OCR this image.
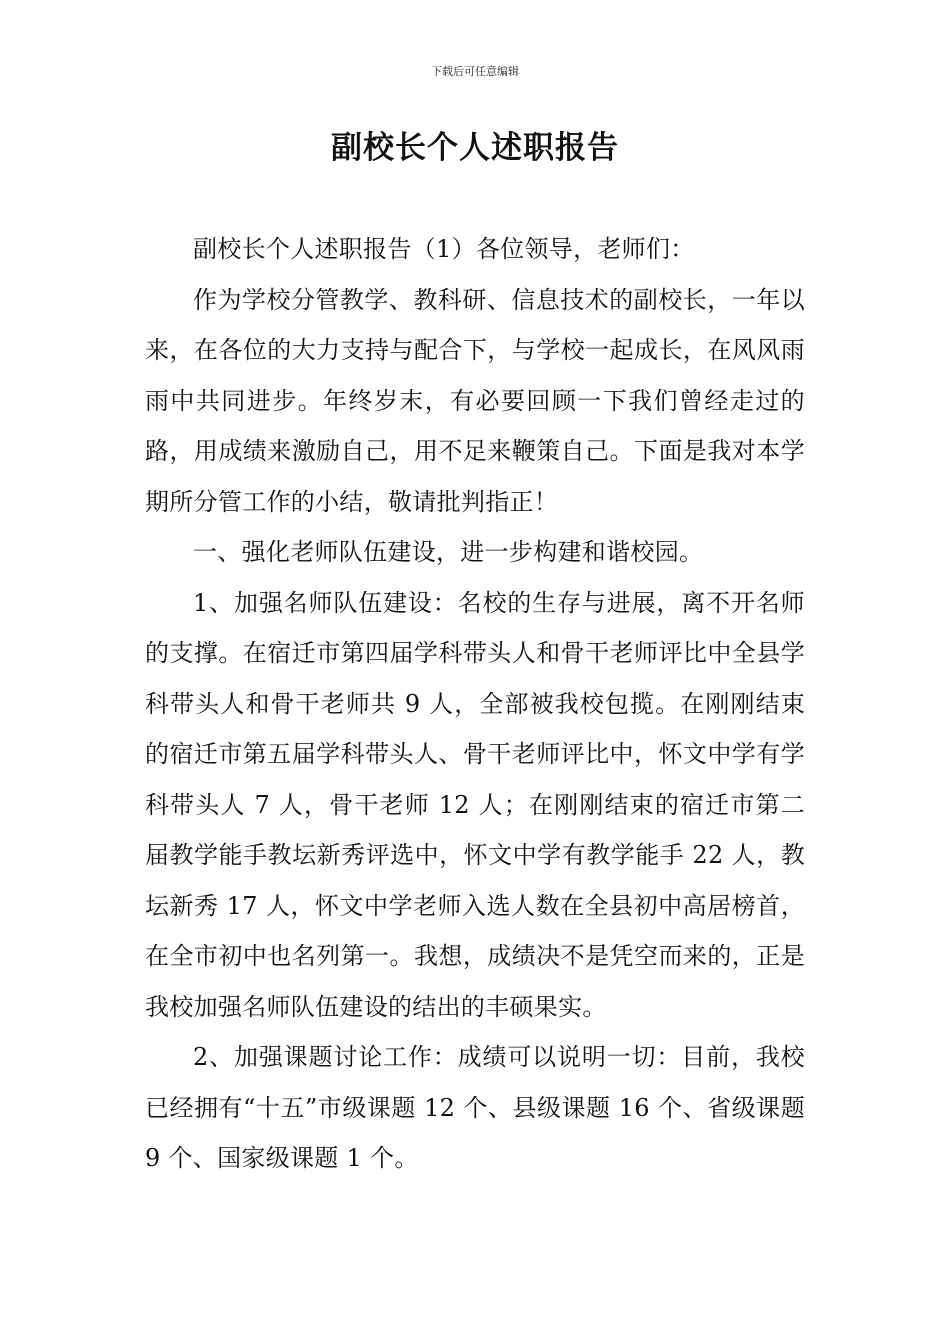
下载后可任意编辑
副校长个人述职报告

副校长个人述职报告（1）各位领导，老师们：

作为学校分管教学、教科研、信息技术的副校长，一年以来，在各位的大力支持与配合下，与学校一起成长，在风风雨雨中共同进步。年终岁末，有必要回顾一下我们曾经走过的路，用成绩来激励自己，用不足来鞭策自己。下面是我对本学期所分管工作的小结，敬请批判指正！

一、强化老师队伍建设，进一步构建和谐校园。

1、加强名师队伍建设：名校的生存与进展，离不开名师的支撑。在宿迁市第四届学科带头人和骨干老师评比中全县学科带头人和骨干老师共 9 人，全部被我校包揽。在刚刚结束的宿迁市第五届学科带头人、骨干老师评比中，怀文中学有学科带头人 7 人，骨干老师 12 人；在刚刚结束的宿迁市第二届教学能手教坛新秀评选中，怀文中学有教学能手 22 人，教坛新秀 17 人，怀文中学老师入选人数在全县初中高居榜首，在全市初中也名列第一。我想，成绩决不是凭空而来的，正是我校加强名师队伍建设的结出的丰硕果实。

2、加强课题讨论工作：成绩可以说明一切：目前，我校已经拥有“十五”市级课题 12 个、县级课题 16 个、省级课题 9 个、国家级课题 1 个。
